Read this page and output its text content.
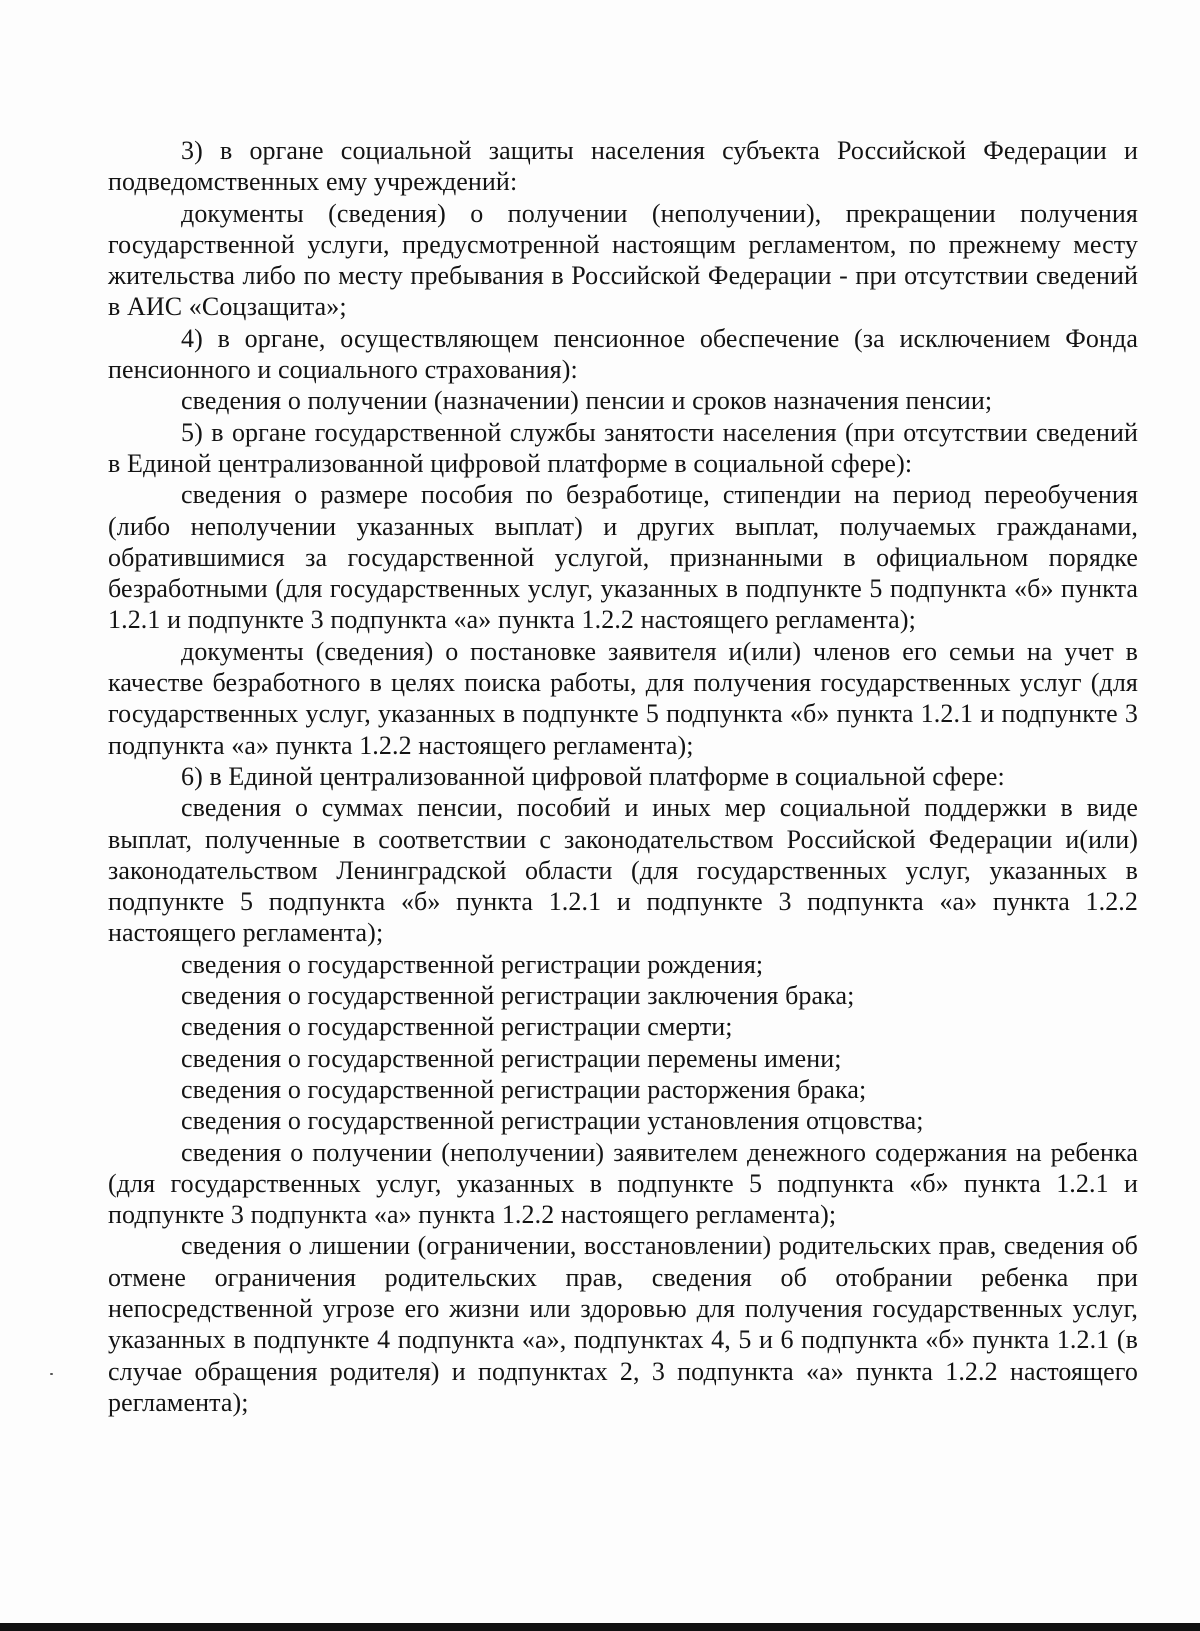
3) в органе социальной защиты населения субъекта Российской Федерации и подведомственных ему учреждений:

документы (сведения) о получении (неполучении), прекращении получения государственной услуги, предусмотренной настоящим регламентом, по прежнему месту жительства либо по месту пребывания в Российской Федерации - при отсутствии сведений в АИС «Соцзащита»;

4) в органе, осуществляющем пенсионное обеспечение (за исключением Фонда пенсионного и социального страхования):

сведения о получении (назначении) пенсии и сроков назначения пенсии;

5) в органе государственной службы занятости населения (при отсутствии сведений в Единой централизованной цифровой платформе в социальной сфере):

сведения о размере пособия по безработице, стипендии на период переобучения (либо неполучении указанных выплат) и других выплат, получаемых гражданами, обратившимися за государственной услугой, признанными в официальном порядке безработными (для государственных услуг, указанных в подпункте 5 подпункта «б» пункта 1.2.1 и подпункте 3 подпункта «а» пункта 1.2.2 настоящего регламента);

документы (сведения) о постановке заявителя и(или) членов его семьи на учет в качестве безработного в целях поиска работы, для получения государственных услуг (для государственных услуг, указанных в подпункте 5 подпункта «б» пункта 1.2.1 и подпункте 3 подпункта «а» пункта 1.2.2 настоящего регламента);

6) в Единой централизованной цифровой платформе в социальной сфере:

сведения о суммах пенсии, пособий и иных мер социальной поддержки в виде выплат, полученные в соответствии с законодательством Российской Федерации и(или) законодательством Ленинградской области (для государственных услуг, указанных в подпункте 5 подпункта «б» пункта 1.2.1 и подпункте 3 подпункта «а» пункта 1.2.2 настоящего регламента);

сведения о государственной регистрации рождения;

сведения о государственной регистрации заключения брака;

сведения о государственной регистрации смерти;

сведения о государственной регистрации перемены имени;

сведения о государственной регистрации расторжения брака;

сведения о государственной регистрации установления отцовства;

сведения о получении (неполучении) заявителем денежного содержания на ребенка (для государственных услуг, указанных в подпункте 5 подпункта «б» пункта 1.2.1 и подпункте 3 подпункта «а» пункта 1.2.2 настоящего регламента);

сведения о лишении (ограничении, восстановлении) родительских прав, сведения об отмене ограничения родительских прав, сведения об отобрании ребенка при непосредственной угрозе его жизни или здоровью для получения государственных услуг, указанных в подпункте 4 подпункта «а», подпунктах 4, 5 и 6 подпункта «б» пункта 1.2.1 (в случае обращения родителя) и подпунктах 2, 3 подпункта «а» пункта 1.2.2 настоящего регламента);
